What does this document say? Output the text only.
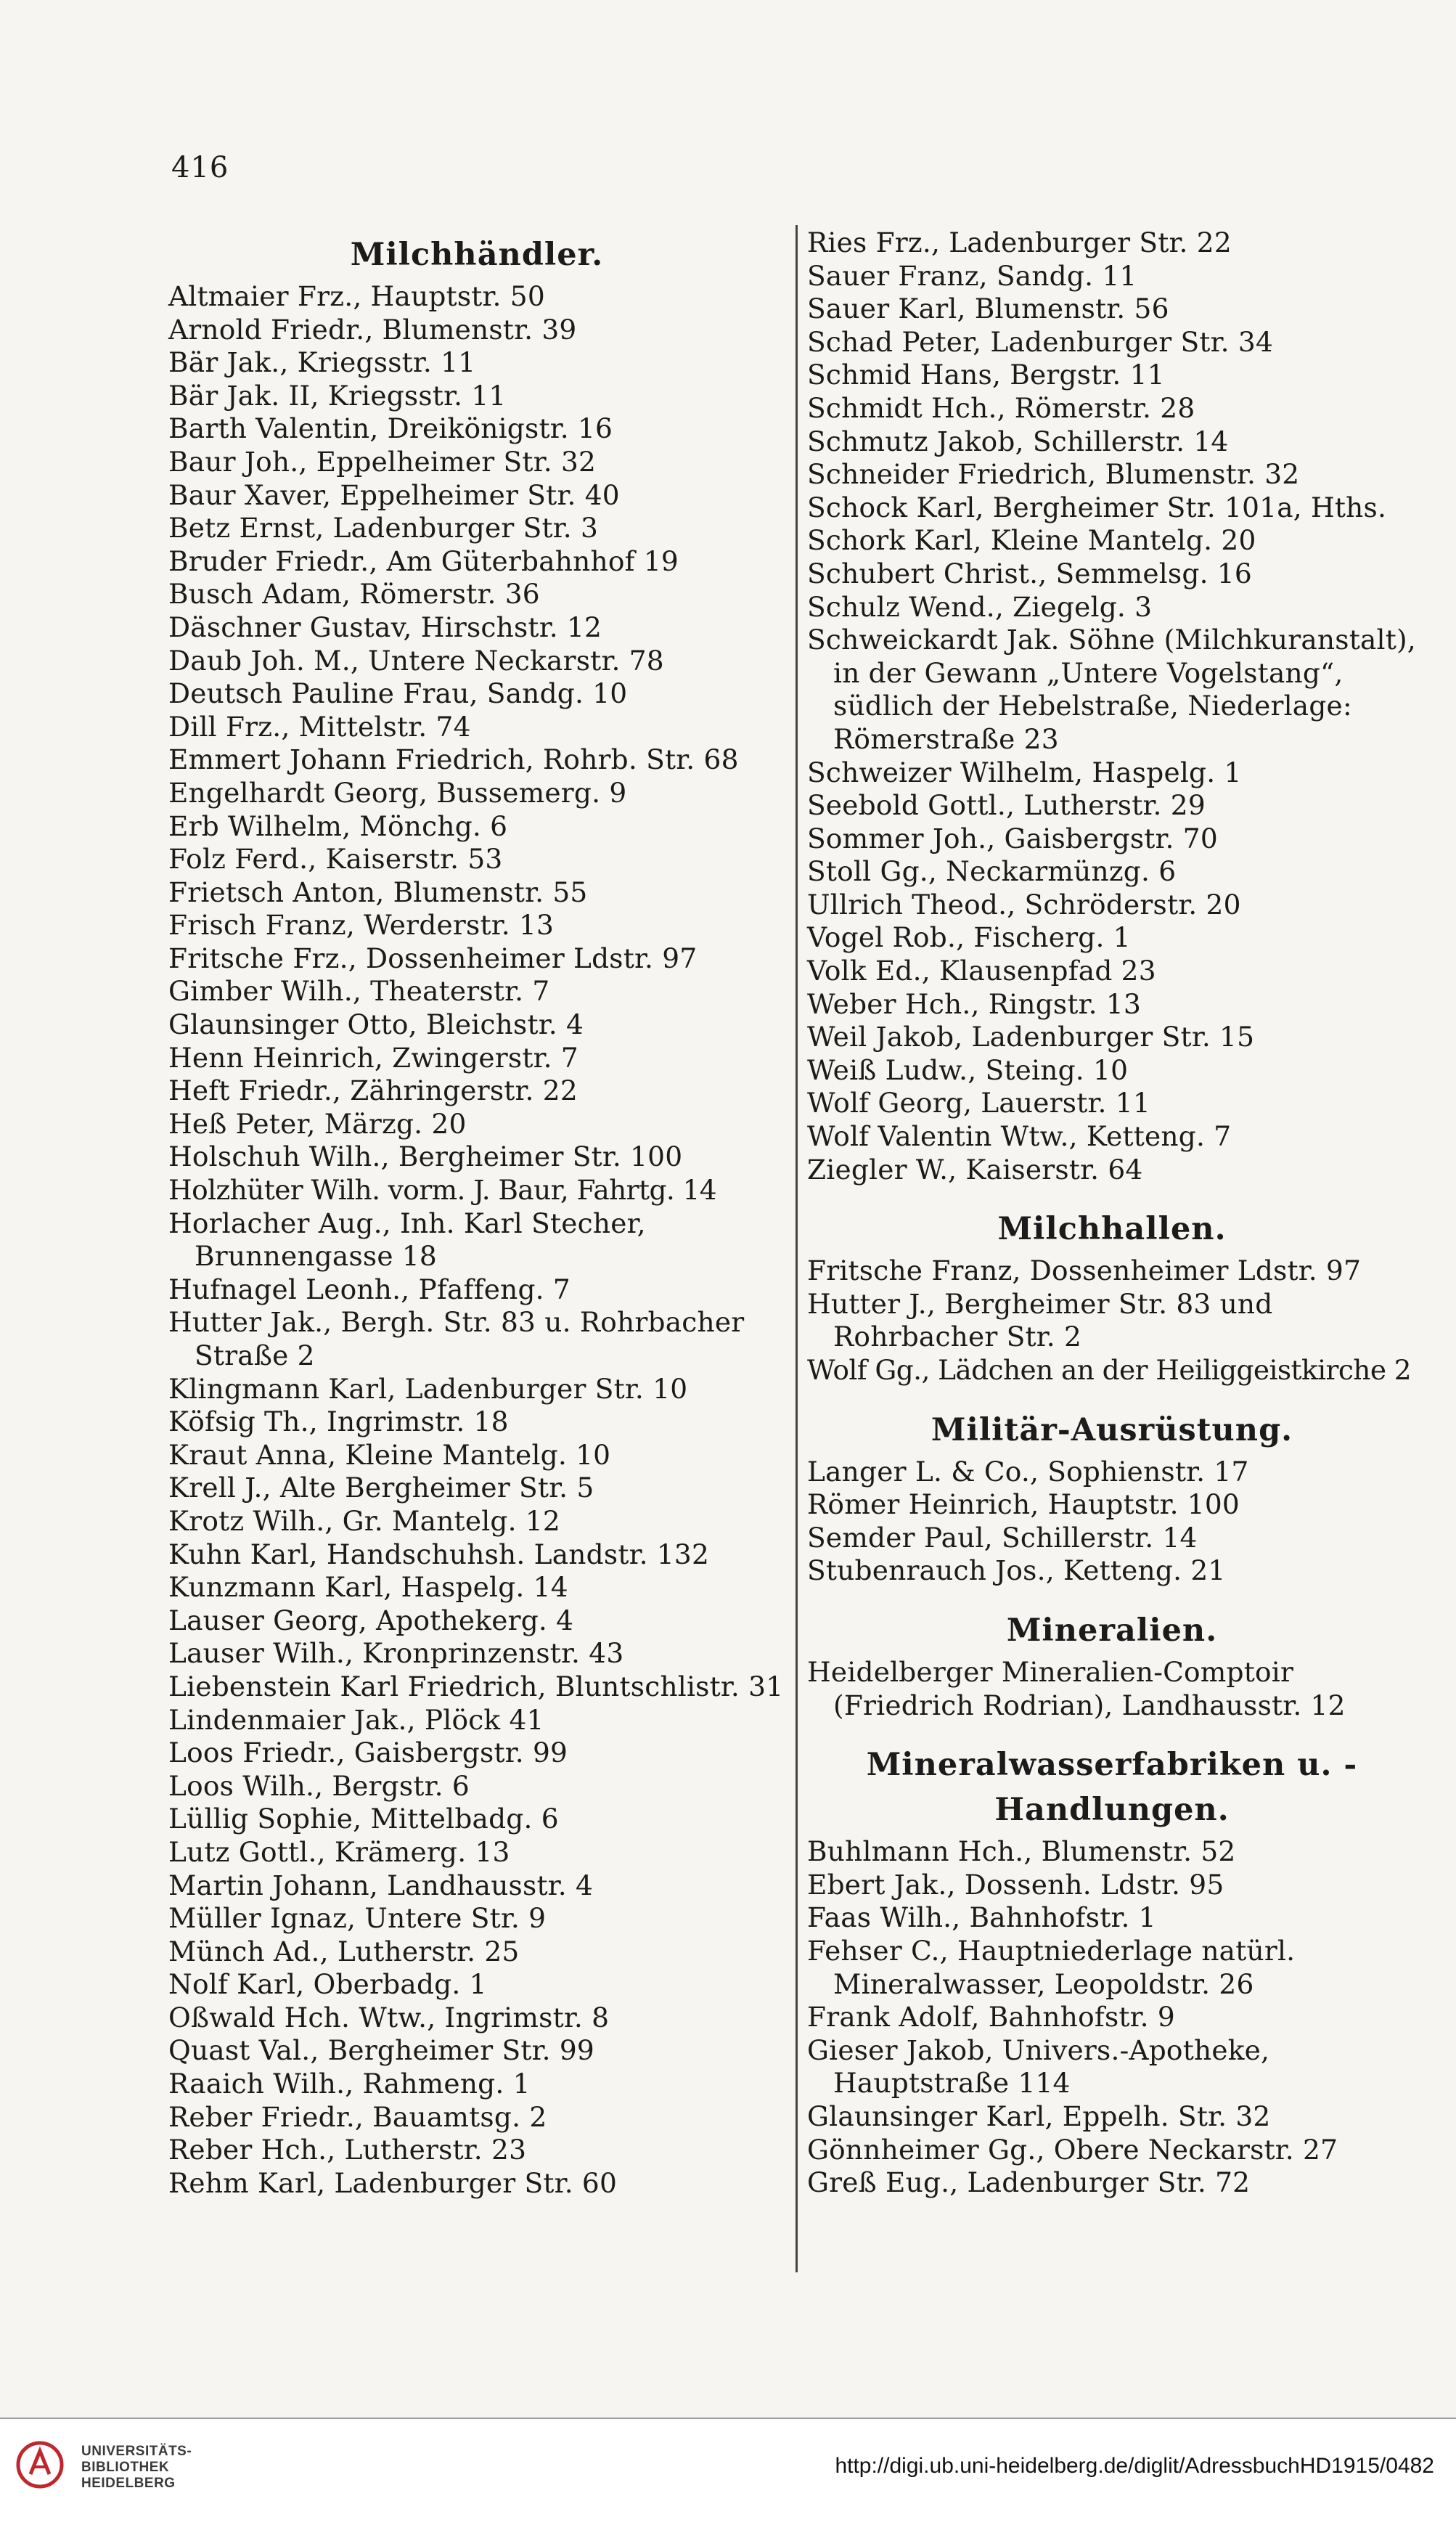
416
Milchhändler.
Altmaier Frz., Hauptstr. 50
Arnold Friedr., Blumenstr. 39
Bär Jak., Kriegsstr. 11
Bär Jak. II, Kriegsstr. 11
Barth Valentin, Dreikönigstr. 16
Baur Joh., Eppelheimer Str. 32
Baur Xaver, Eppelheimer Str. 40
Betz Ernst, Ladenburger Str. 3
Bruder Friedr., Am Güterbahnhof 19
Busch Adam, Römerstr. 36
Däschner Gustav, Hirschstr. 12
Daub Joh. M., Untere Neckarstr. 78
Deutsch Pauline Frau, Sandg. 10
Dill Frz., Mittelstr. 74
Emmert Johann Friedrich, Rohrb. Str. 68
Engelhardt Georg, Bussemerg. 9
Erb Wilhelm, Mönchg. 6
Folz Ferd., Kaiserstr. 53
Frietsch Anton, Blumenstr. 55
Frisch Franz, Werderstr. 13
Fritsche Frz., Dossenheimer Ldstr. 97
Gimber Wilh., Theaterstr. 7
Glaunsinger Otto, Bleichstr. 4
Henn Heinrich, Zwingerstr. 7
Heft Friedr., Zähringerstr. 22
Heß Peter, Märzg. 20
Holschuh Wilh., Bergheimer Str. 100
Holzhüter Wilh. vorm. J. Baur, Fahrtg. 14
Horlacher Aug., Inh. Karl Stecher, Brunnengasse 18
Hufnagel Leonh., Pfaffeng. 7
Hutter Jak., Bergh. Str. 83 u. Rohrbacher Straße 2
Klingmann Karl, Ladenburger Str. 10
Köfsig Th., Ingrimstr. 18
Kraut Anna, Kleine Mantelg. 10
Krell J., Alte Bergheimer Str. 5
Krotz Wilh., Gr. Mantelg. 12
Kuhn Karl, Handschuhsh. Landstr. 132
Kunzmann Karl, Haspelg. 14
Lauser Georg, Apothekerg. 4
Lauser Wilh., Kronprinzenstr. 43
Liebenstein Karl Friedrich, Bluntschlistr. 31
Lindenmaier Jak., Plöck 41
Loos Friedr., Gaisbergstr. 99
Loos Wilh., Bergstr. 6
Lüllig Sophie, Mittelbadg. 6
Lutz Gottl., Krämerg. 13
Martin Johann, Landhausstr. 4
Müller Ignaz, Untere Str. 9
Münch Ad., Lutherstr. 25
Nolf Karl, Oberbadg. 1
Oßwald Hch. Wtw., Ingrimstr. 8
Quast Val., Bergheimer Str. 99
Raaich Wilh., Rahmeng. 1
Reber Friedr., Bauamtsg. 2
Reber Hch., Lutherstr. 23
Rehm Karl, Ladenburger Str. 60
Ries Frz., Ladenburger Str. 22
Sauer Franz, Sandg. 11
Sauer Karl, Blumenstr. 56
Schad Peter, Ladenburger Str. 34
Schmid Hans, Bergstr. 11
Schmidt Hch., Römerstr. 28
Schmutz Jakob, Schillerstr. 14
Schneider Friedrich, Blumenstr. 32
Schock Karl, Bergheimer Str. 101a, Hths.
Schork Karl, Kleine Mantelg. 20
Schubert Christ., Semmelsg. 16
Schulz Wend., Ziegelg. 3
Schweickardt Jak. Söhne (Milchkuranstalt), in der Gewann „Untere Vogelstang“, südlich der Hebelstraße, Niederlage: Römerstraße 23
Schweizer Wilhelm, Haspelg. 1
Seebold Gottl., Lutherstr. 29
Sommer Joh., Gaisbergstr. 70
Stoll Gg., Neckarmünzg. 6
Ullrich Theod., Schröderstr. 20
Vogel Rob., Fischerg. 1
Volk Ed., Klausenpfad 23
Weber Hch., Ringstr. 13
Weil Jakob, Ladenburger Str. 15
Weiß Ludw., Steing. 10
Wolf Georg, Lauerstr. 11
Wolf Valentin Wtw., Ketteng. 7
Ziegler W., Kaiserstr. 64
Milchhallen.
Fritsche Franz, Dossenheimer Ldstr. 97
Hutter J., Bergheimer Str. 83 und Rohrbacher Str. 2
Wolf Gg., Lädchen an der Heiliggeistkirche 2
Militär-Ausrüstung.
Langer L. & Co., Sophienstr. 17
Römer Heinrich, Hauptstr. 100
Semder Paul, Schillerstr. 14
Stubenrauch Jos., Ketteng. 21
Mineralien.
Heidelberger Mineralien-Comptoir (Friedrich Rodrian), Landhausstr. 12
Mineralwasserfabriken u. -Handlungen.
Buhlmann Hch., Blumenstr. 52
Ebert Jak., Dossenh. Ldstr. 95
Faas Wilh., Bahnhofstr. 1
Fehser C., Hauptniederlage natürl. Mineralwasser, Leopoldstr. 26
Frank Adolf, Bahnhofstr. 9
Gieser Jakob, Univers.-Apotheke, Hauptstraße 114
Glaunsinger Karl, Eppelh. Str. 32
Gönnheimer Gg., Obere Neckarstr. 27
Greß Eug., Ladenburger Str. 72
UNIVERSITÄTS-
BIBLIOTHEK
HEIDELBERG
http://digi.ub.uni-heidelberg.de/diglit/AdressbuchHD1915/0482
